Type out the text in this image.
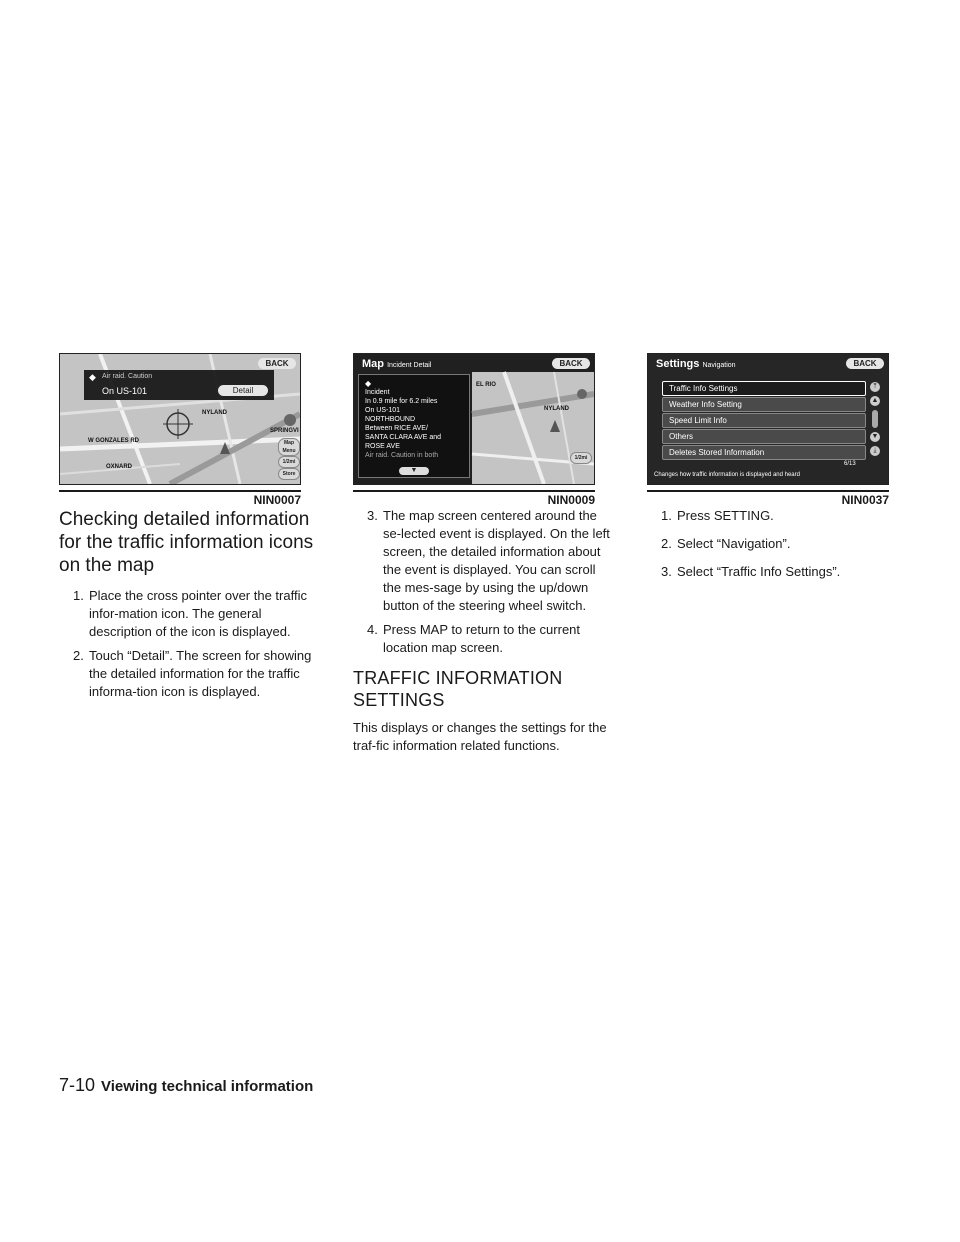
BACK
◆ Air raid. Caution
On US-101	Detail
NYLAND
W GONZALES RD
OXNARD
SPRINGVI
Map Menu
1/2mi
Store
NIN0007
Map Incident Detail	BACK
◆
Incident
In 0.9 mile for 6.2 miles
On US-101
NORTHBOUND
Between RICE AVE/
SANTA CLARA AVE and
ROSE AVE
Air raid. Caution in both
▼
EL RIO
NYLAND
1/2mi
NIN0009
Settings Navigation	BACK
Traffic Info Settings
Weather Info Setting
Speed Limit Info
Others
Deletes Stored Information
6/13
Changes how traffic information is displayed and heard
⤒
▲
▼
⤓
NIN0037
Checking detailed information for the traffic information icons on the map
1. Place the cross pointer over the traffic infor-mation icon. The general description of the icon is displayed.
2. Touch “Detail”. The screen for showing the detailed information for the traffic informa-tion icon is displayed.
3. The map screen centered around the se-lected event is displayed. On the left screen, the detailed information about the event is displayed. You can scroll the mes-sage by using the up/down button of the steering wheel switch.
4. Press MAP to return to the current location map screen.
TRAFFIC INFORMATION SETTINGS

This displays or changes the settings for the traf-fic information related functions.

1. Press SETTING.
2. Select “Navigation”.
3. Select “Traffic Info Settings”.
7-10 Viewing technical information
